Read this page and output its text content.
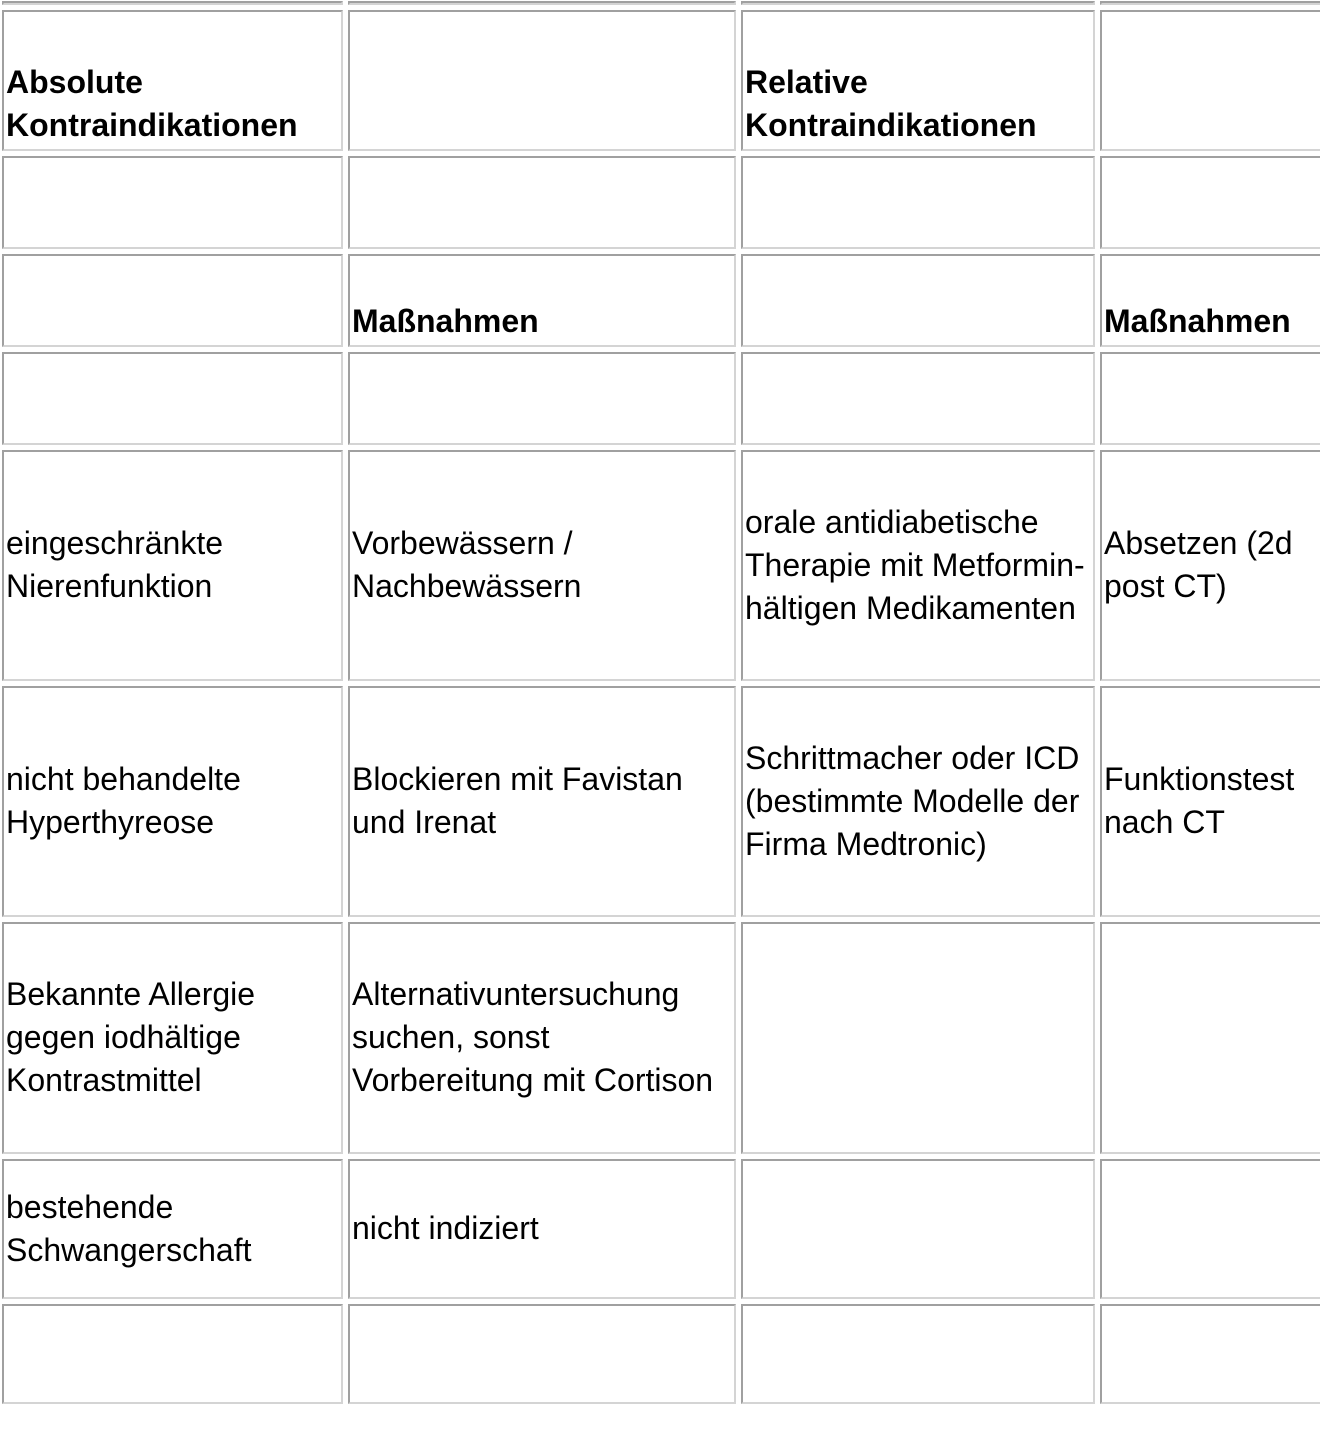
Absolute Kontraindikationen		Relative Kontraindikationen	

	Maßnahmen		Maßnahmen

eingeschränkte Nierenfunktion	Vorbewässern / Nachbewässern	orale antidiabetische Therapie mit Metformin-hältigen Medikamenten	Absetzen (2d post CT)
nicht behandelte Hyperthyreose	Blockieren mit Favistan und Irenat	Schrittmacher oder ICD (bestimmte Modelle der Firma Medtronic)	Funktionstest nach CT
Bekannte Allergie gegen iodhältige Kontrastmittel	Alternativuntersuchung suchen, sonst Vorbereitung mit Cortison		
bestehende Schwangerschaft	nicht indiziert		
